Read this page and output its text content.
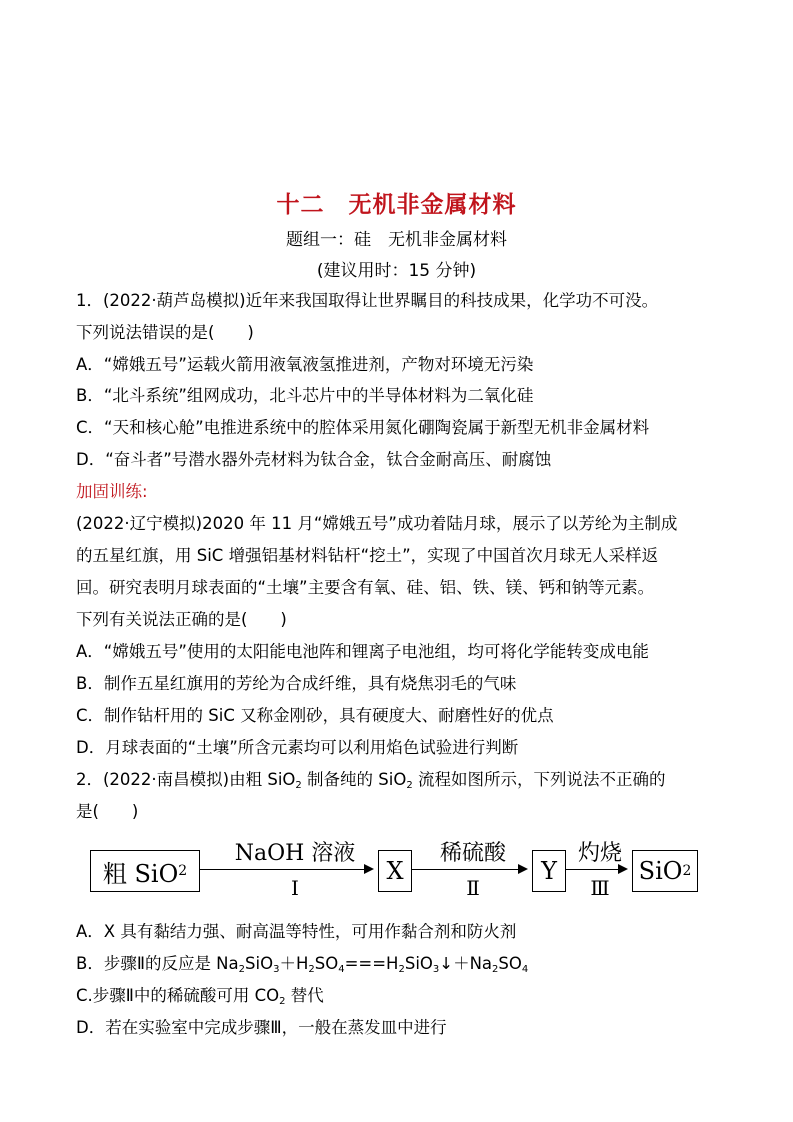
十二　无机非金属材料
题组一：硅　无机非金属材料
(建议用时：15 分钟)
1．(2022·葫芦岛模拟)近年来我国取得让世界瞩目的科技成果，化学功不可没。
下列说法错误的是(　　)
A．“嫦娥五号”运载火箭用液氧液氢推进剂，产物对环境无污染
B．“北斗系统”组网成功，北斗芯片中的半导体材料为二氧化硅
C．“天和核心舱”电推进系统中的腔体采用氮化硼陶瓷属于新型无机非金属材料
D．“奋斗者”号潜水器外壳材料为钛合金，钛合金耐高压、耐腐蚀
加固训练:
(2022·辽宁模拟)2020 年 11 月“嫦娥五号”成功着陆月球，展示了以芳纶为主制成
的五星红旗，用 SiC 增强铝基材料钻杆“挖土”，实现了中国首次月球无人采样返
回。研究表明月球表面的“土壤”主要含有氧、硅、铝、铁、镁、钙和钠等元素。
下列有关说法正确的是(　　)
A．“嫦娥五号”使用的太阳能电池阵和锂离子电池组，均可将化学能转变成电能
B．制作五星红旗用的芳纶为合成纤维，具有烧焦羽毛的气味
C．制作钻杆用的 SiC 又称金刚砂，具有硬度大、耐磨性好的优点
D．月球表面的“土壤”所含元素均可以利用焰色试验进行判断
2．(2022·南昌模拟)由粗 SiO$_2$ 制备纯的 SiO$_2$ 流程如图所示，下列说法不正确的
是(　　)
粗 SiO 2
NaOH 溶液
Ⅰ
X
稀硫酸
Ⅱ
Y
灼烧
Ⅲ
SiO 2
A．X 具有黏结力强、耐高温等特性，可用作黏合剂和防火剂
B．步骤Ⅱ的反应是 $Na_2SiO_3+H_2SO_4===H_2SiO_3↓+Na_2SO_4$
C.步骤Ⅱ中的稀硫酸可用 $CO_2$ 替代
D．若在实验室中完成步骤Ⅲ，一般在蒸发皿中进行
